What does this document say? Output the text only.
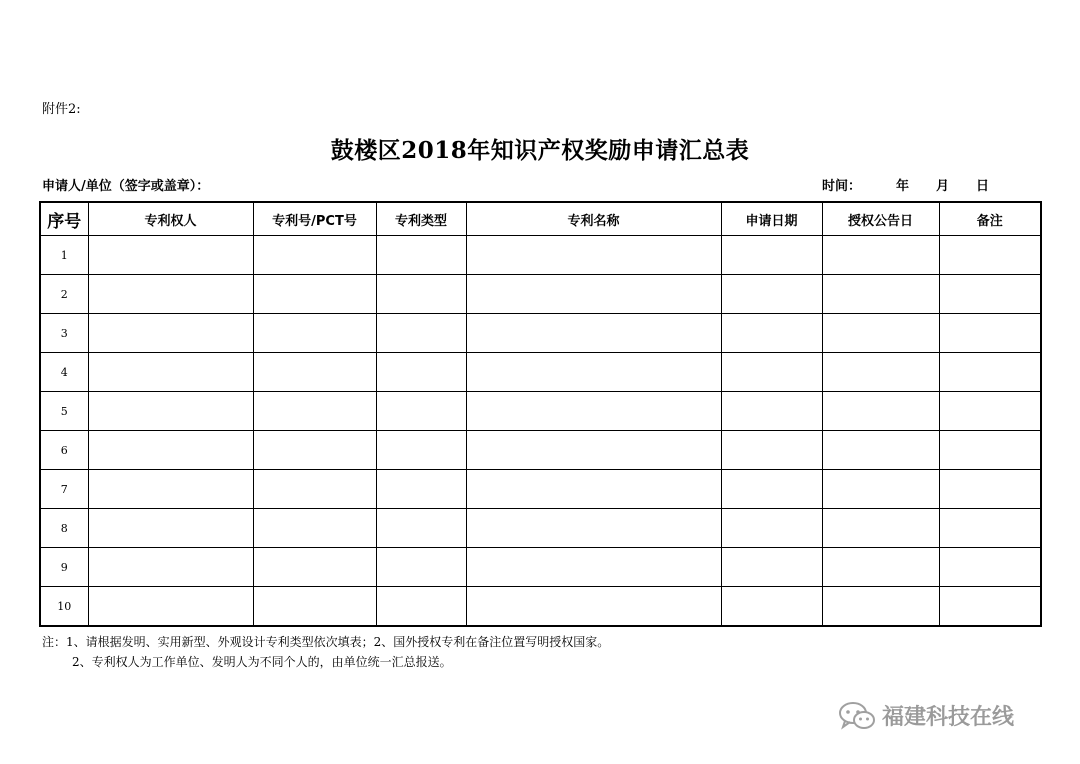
附件2:
鼓楼区2018年知识产权奖励申请汇总表
申请人/单位（签字或盖章）：	时间：	年	月	日
序号	专利权人	专利号/PCT号	专利类型	专利名称	申请日期	授权公告日	备注
1							
2							
3							
4							
5							
6							
7							
8							
9							
10							
注：1、请根据发明、实用新型、外观设计专利类型依次填表；2、国外授权专利在备注位置写明授权国家。
2、专利权人为工作单位、发明人为不同个人的，由单位统一汇总报送。
福建科技在线
